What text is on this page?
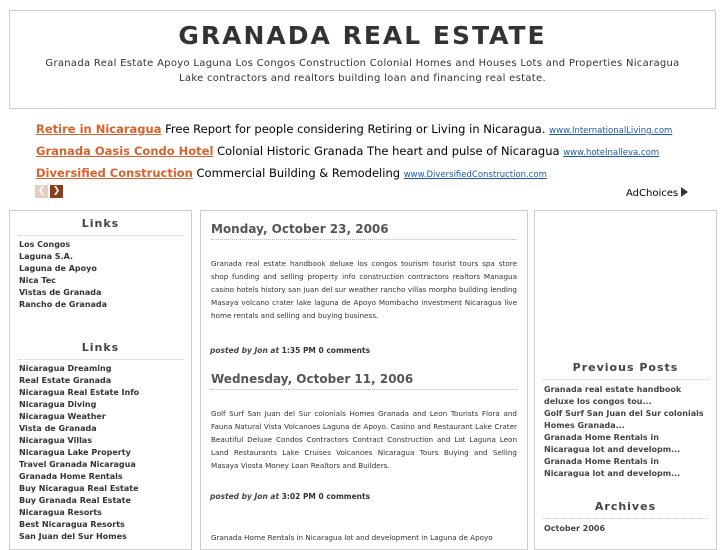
GRANADA REAL ESTATE
Granada Real Estate Apoyo Laguna Los Congos Construction Colonial Homes and Houses Lots and Properties Nicaragua Lake contractors and realtors building loan and financing real estate.
Retire in Nicaragua Free Report for people considering Retiring or Living in Nicaragua. www.InternationalLiving.com
Granada Oasis Condo Hotel Colonial Historic Granada The heart and pulse of Nicaragua www.hotelnalleva.com
Diversified Construction Commercial Building & Remodeling www.DiversifiedConstruction.com
❮ ❯	AdChoices
Links
Los Congos
Laguna S.A.
Laguna de Apoyo
Nica Tec
Vistas de Granada
Rancho de Granada
Links
Nicaragua Dreaming
Real Estate Granada
Nicaragua Real Estate Info
Nicaragua Diving
Nicaragua Weather
Vista de Granada
Nicaragua Villas
Nicaragua Lake Property
Travel Granada Nicaragua
Granada Home Rentals
Buy Nicaragua Real Estate
Buy Granada Real Estate
Nicaragua Resorts
Best Nicaragua Resorts
San Juan del Sur Homes
Monday, October 23, 2006
Granada real estate handbook deluxe los congos tourism tourist tours spa store shop funding and selling property info construction contractors realtors Managua casino hotels history san juan del sur weather rancho villas morpho building lending Masaya volcano crater lake laguna de Apoyo Mombacho investment Nicaragua live home rentals and selling and buying business.
posted by Jon at 1:35 PM 0 comments
Wednesday, October 11, 2006
Golf Surf San Juan del Sur colonials Homes Granada and Leon Tourists Flora and Fauna Natural Vista Volcanoes Laguna de Apoyo. Casino and Restaurant Lake Crater Beautiful Deluxe Condos Contractors Contract Construction and Lot Laguna Leon Land Restaurants Lake Cruises Volcanoes Nicaragua Tours Buying and Selling Masaya Viosta Money Loan Realtors and Builders.
posted by Jon at 3:02 PM 0 comments
Granada Home Rentals in Nicaragua lot and development in Laguna de Apoyo
Previous Posts
Granada real estate handbook deluxe los congos tou...
Golf Surf San Juan del Sur colonials Homes Granada...
Granada Home Rentals in Nicaragua lot and developm...
Granada Home Rentals in Nicaragua lot and developm...
Archives
October 2006
